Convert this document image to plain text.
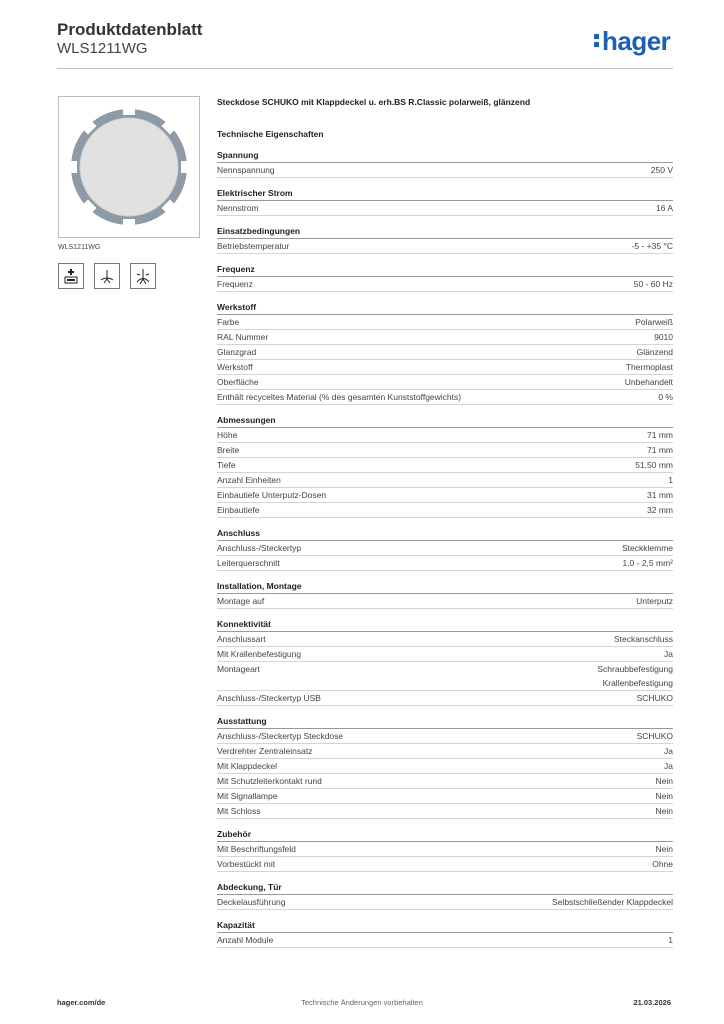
Produktdatenblatt
WLS1211WG	hager
WLS1211WG
Steckdose SCHUKO mit Klappdeckel u. erh.BS R.Classic polarweiß, glänzend
Technische Eigenschaften
Spannung
Nennspannung	250 V
Elektrischer Strom
Nennstrom	16 A
Einsatzbedingungen
Betriebstemperatur	-5 - +35 °C
Frequenz
Frequenz	50 - 60 Hz
Werkstoff
Farbe	Polarweiß
RAL Nummer	9010
Glanzgrad	Glänzend
Werkstoff	Thermoplast
Oberfläche	Unbehandelt
Enthält recyceltes Material (% des gesamten Kunststoffgewichts)	0 %
Abmessungen
Höhe	71 mm
Breite	71 mm
Tiefe	51,50 mm
Anzahl Einheiten	1
Einbautiefe Unterputz-Dosen	31 mm
Einbautiefe	32 mm
Anschluss
Anschluss-/Steckertyp	Steckklemme
Leiterquerschnitt	1,0 - 2,5 mm²
Installation, Montage
Montage auf	Unterputz
Konnektivität
Anschlussart	Steckanschluss
Mit Krallenbefestigung	Ja
Montageart	Schraubbefestigung
Krallenbefestigung
Anschluss-/Steckertyp USB	SCHUKO
Ausstattung
Anschluss-/Steckertyp Steckdose	SCHUKO
Verdrehter Zentraleinsatz	Ja
Mit Klappdeckel	Ja
Mit Schutzleiterkontakt rund	Nein
Mit Signallampe	Nein
Mit Schloss	Nein
Zubehör
Mit Beschriftungsfeld	Nein
Vorbestückt mit	Ohne
Abdeckung, Tür
Deckelausführung	Selbstschließender Klappdeckel
Kapazität
Anzahl Module	1
Technische Änderungen vorbehalten
hager.com/de	21.03.2026
